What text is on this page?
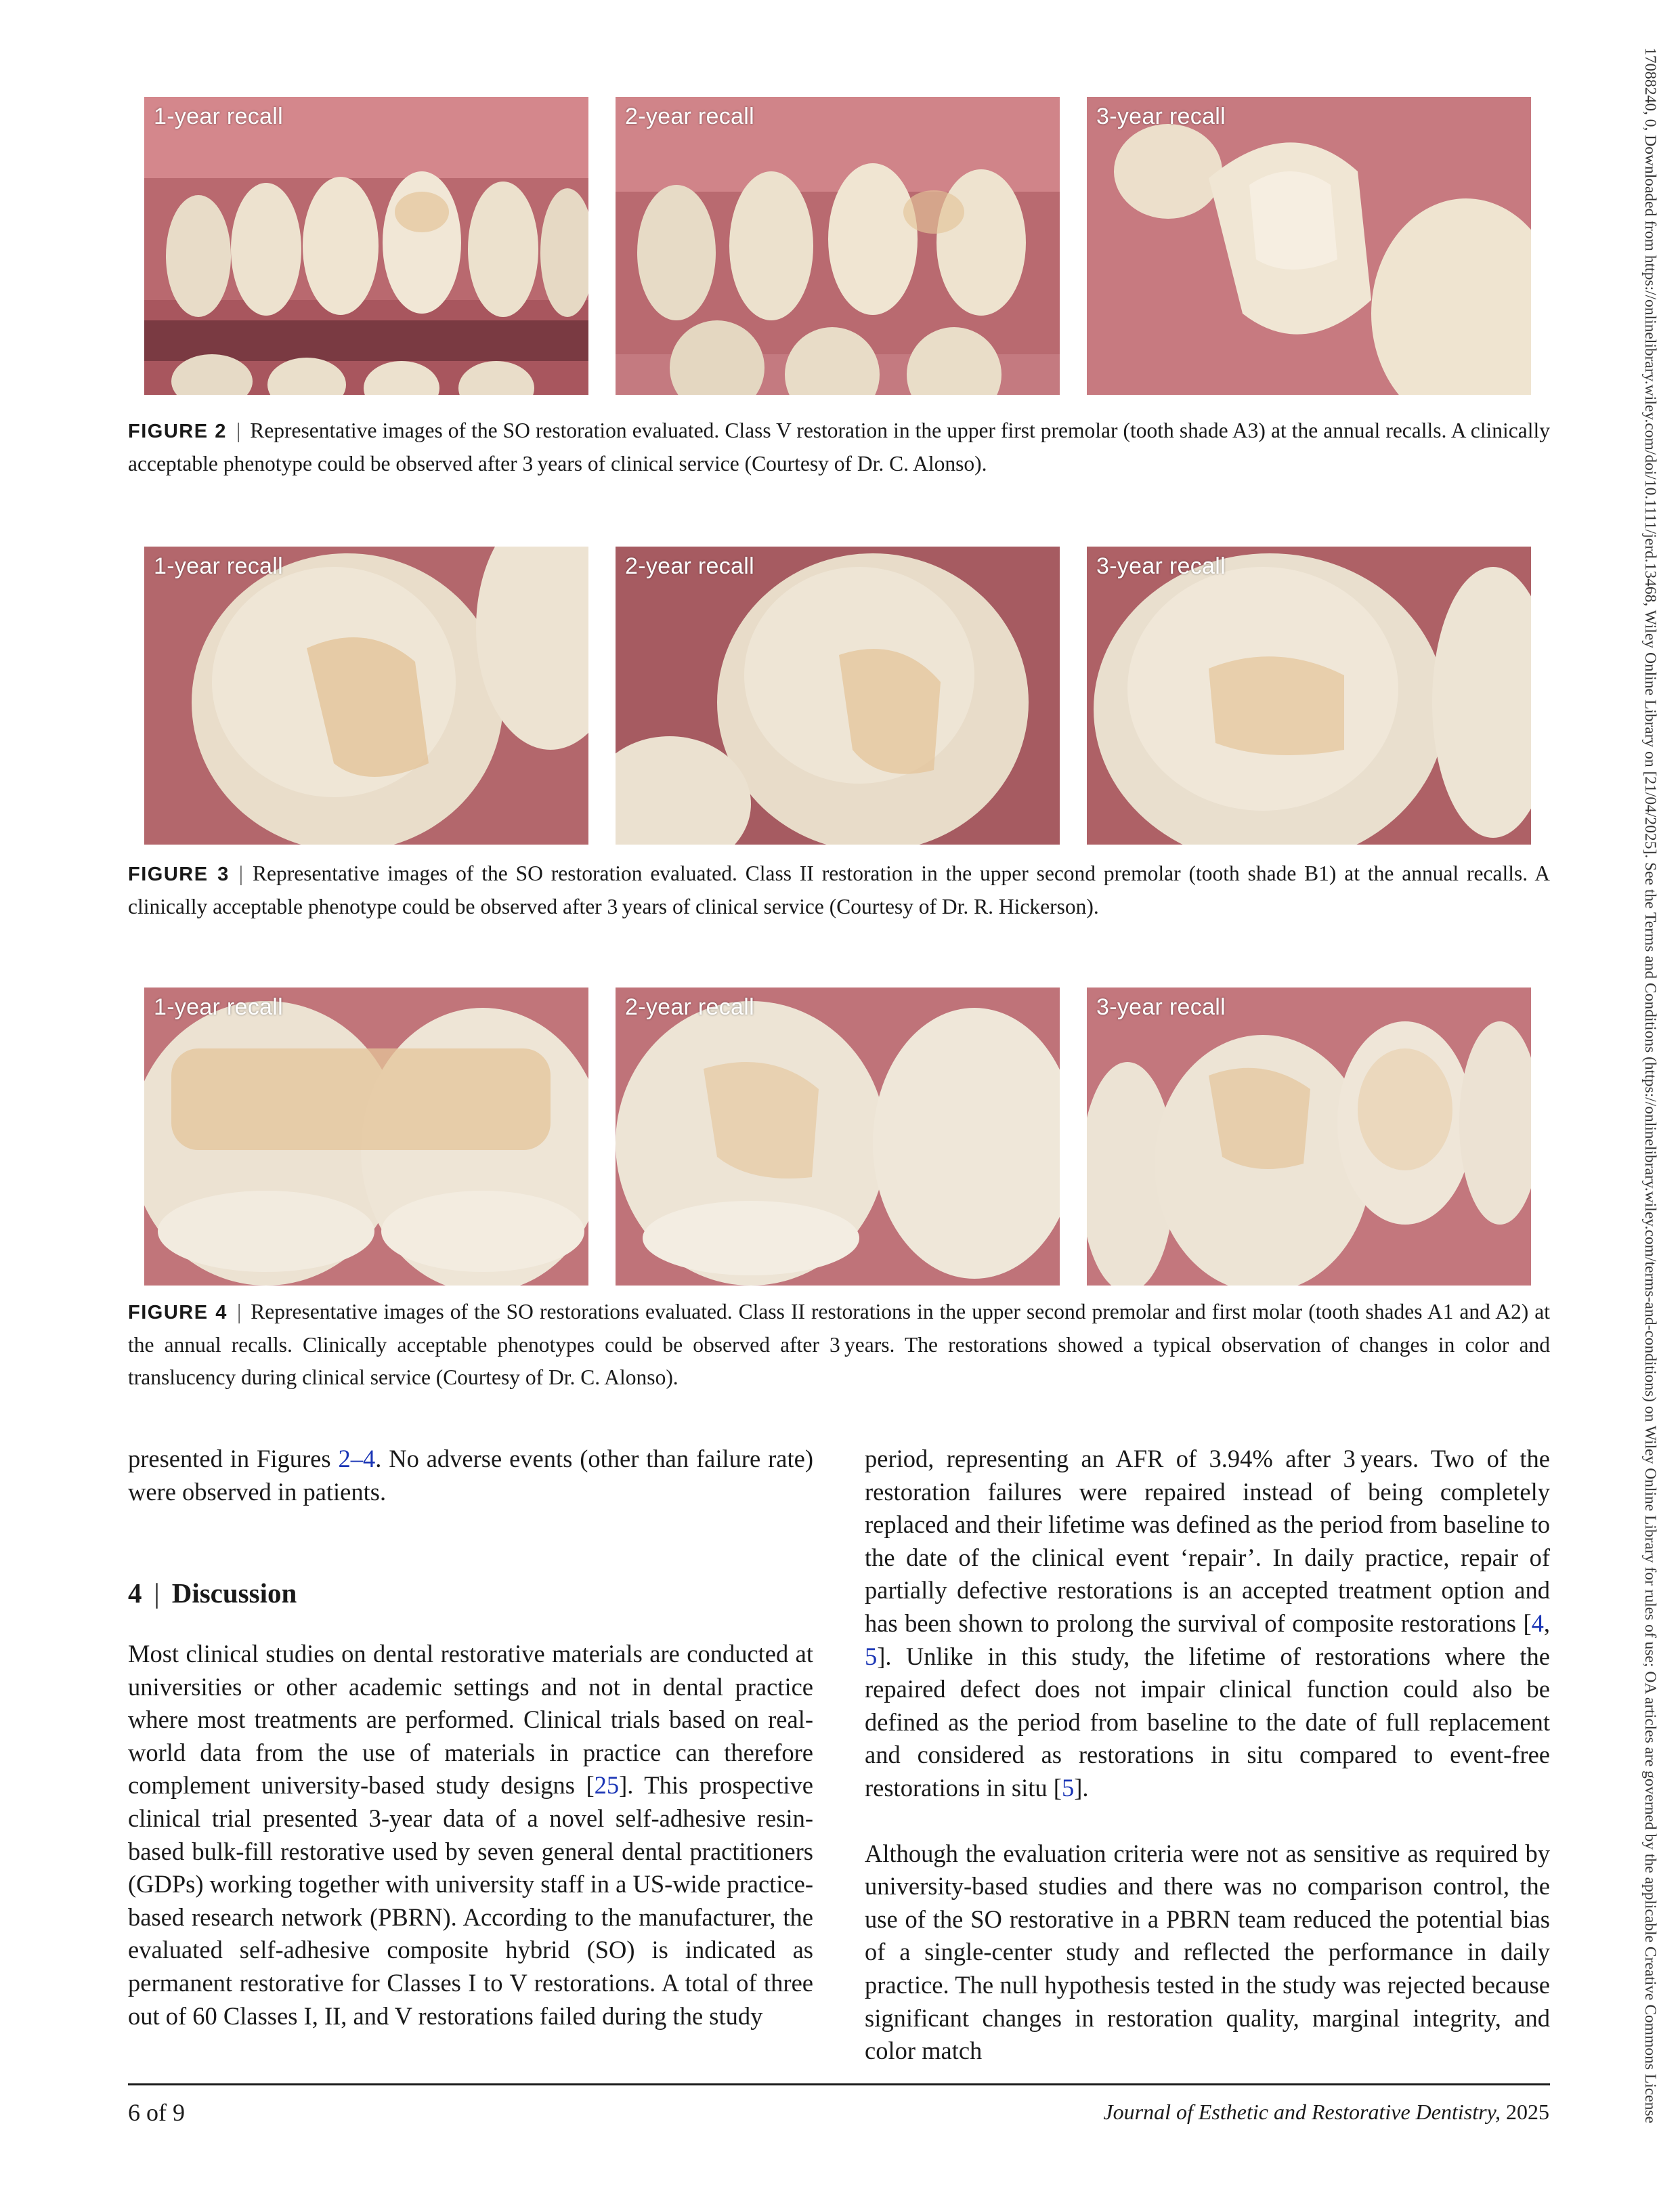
1-year recall	2-year recall	3-year recall
FIGURE 2 | Representative images of the SO restoration evaluated. Class V restoration in the upper first premolar (tooth shade A3) at the annual recalls. A clinically acceptable phenotype could be observed after 3 years of clinical service (Courtesy of Dr. C. Alonso).
1-year recall	2-year recall	3-year recall
FIGURE 3 | Representative images of the SO restoration evaluated. Class II restoration in the upper second premolar (tooth shade B1) at the annual recalls. A clinically acceptable phenotype could be observed after 3 years of clinical service (Courtesy of Dr. R. Hickerson).
1-year recall	2-year recall	3-year recall
FIGURE 4 | Representative images of the SO restorations evaluated. Class II restorations in the upper second premolar and first molar (tooth shades A1 and A2) at the annual recalls. Clinically acceptable phenotypes could be observed after 3 years. The restorations showed a typical observation of changes in color and translucency during clinical service (Courtesy of Dr. C. Alonso).

presented in Figures 2–4. No adverse events (other than failure rate) were observed in patients.

4 | Discussion

Most clinical studies on dental restorative materials are conducted at universities or other academic settings and not in dental practice where most treatments are performed. Clinical trials based on real-world data from the use of materials in practice can therefore complement university-based study designs [25]. This prospective clinical trial presented 3-year data of a novel self-adhesive resin-based bulk-fill restorative used by seven general dental practitioners (GDPs) working together with university staff in a US-wide practice-based research network (PBRN). According to the manufacturer, the evaluated self-adhesive composite hybrid (SO) is indicated as permanent restorative for Classes I to V restorations. A total of three out of 60 Classes I, II, and V restorations failed during the study

period, representing an AFR of 3.94% after 3 years. Two of the restoration failures were repaired instead of being completely replaced and their lifetime was defined as the period from baseline to the date of the clinical event ‘repair’. In daily practice, repair of partially defective restorations is an accepted treatment option and has been shown to prolong the survival of composite restorations [4, 5]. Unlike in this study, the lifetime of restorations where the repaired defect does not impair clinical function could also be defined as the period from baseline to the date of full replacement and considered as restorations in situ compared to event-free restorations in situ [5].

Although the evaluation criteria were not as sensitive as required by university-based studies and there was no comparison control, the use of the SO restorative in a PBRN team reduced the potential bias of a single-center study and reflected the performance in daily practice. The null hypothesis tested in the study was rejected because significant changes in restoration quality, marginal integrity, and color match

6 of 9	Journal of Esthetic and Restorative Dentistry, 2025	17088240, 0, Downloaded from https://onlinelibrary.wiley.com/doi/10.1111/jerd.13468, Wiley Online Library on [21/04/2025]. See the Terms and Conditions (https://onlinelibrary.wiley.com/terms-and-conditions) on Wiley Online Library for rules of use; OA articles are governed by the applicable Creative Commons License
